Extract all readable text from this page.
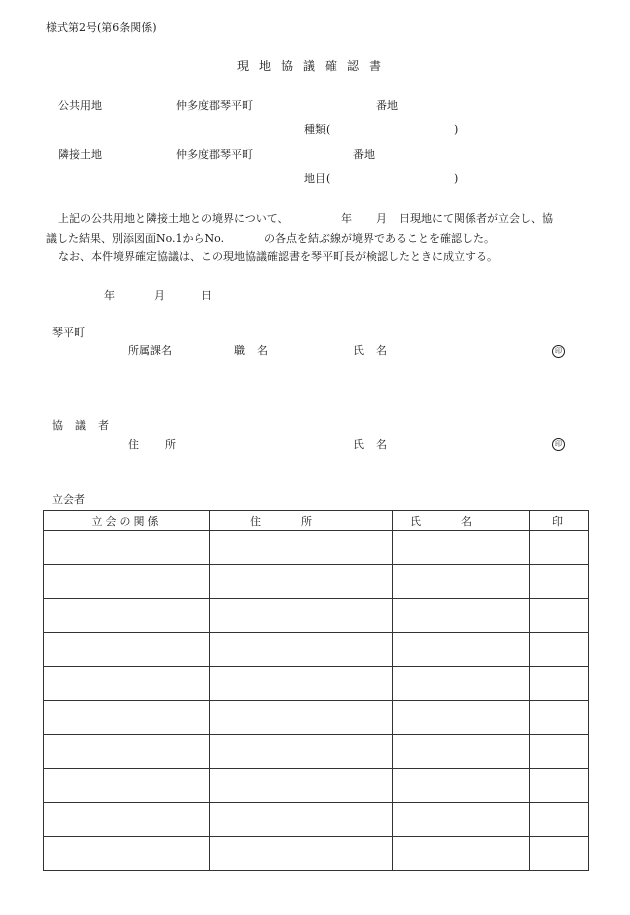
様式第2号(第6条関係)
現地協議確認書
公共用地	仲多度郡琴平町	番地
種類(	)
隣接土地	仲多度郡琴平町	番地
地目(	)
上記の公共用地と隣接土地との境界について、	年 月 日現地にて関係者が立会し、協
議した結果、別添図面No.1からNo.	の各点を結ぶ線が境界であることを確認した。
なお、本件境界確定協議は、この現地協議確認書を琴平町長が検認したときに成立する。
年	月	日
琴平町
所属課名	職名	氏名	印
協議者
住所	氏名	印
立会者
立会の関係	住所	氏名	印
